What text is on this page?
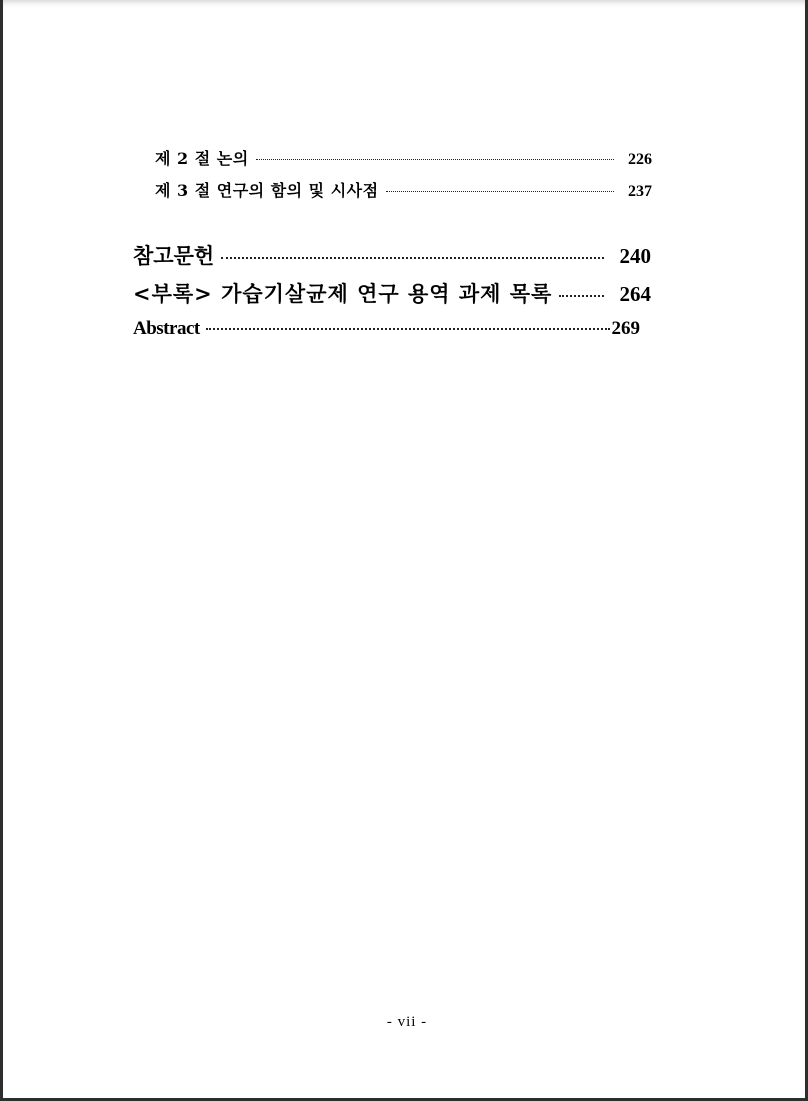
제 2 절 논의	226
제 3 절 연구의 함의 및 시사점	237
참고문헌	240
<부록> 가습기살균제 연구 용역 과제 목록	264
Abstract	269
- vii -
